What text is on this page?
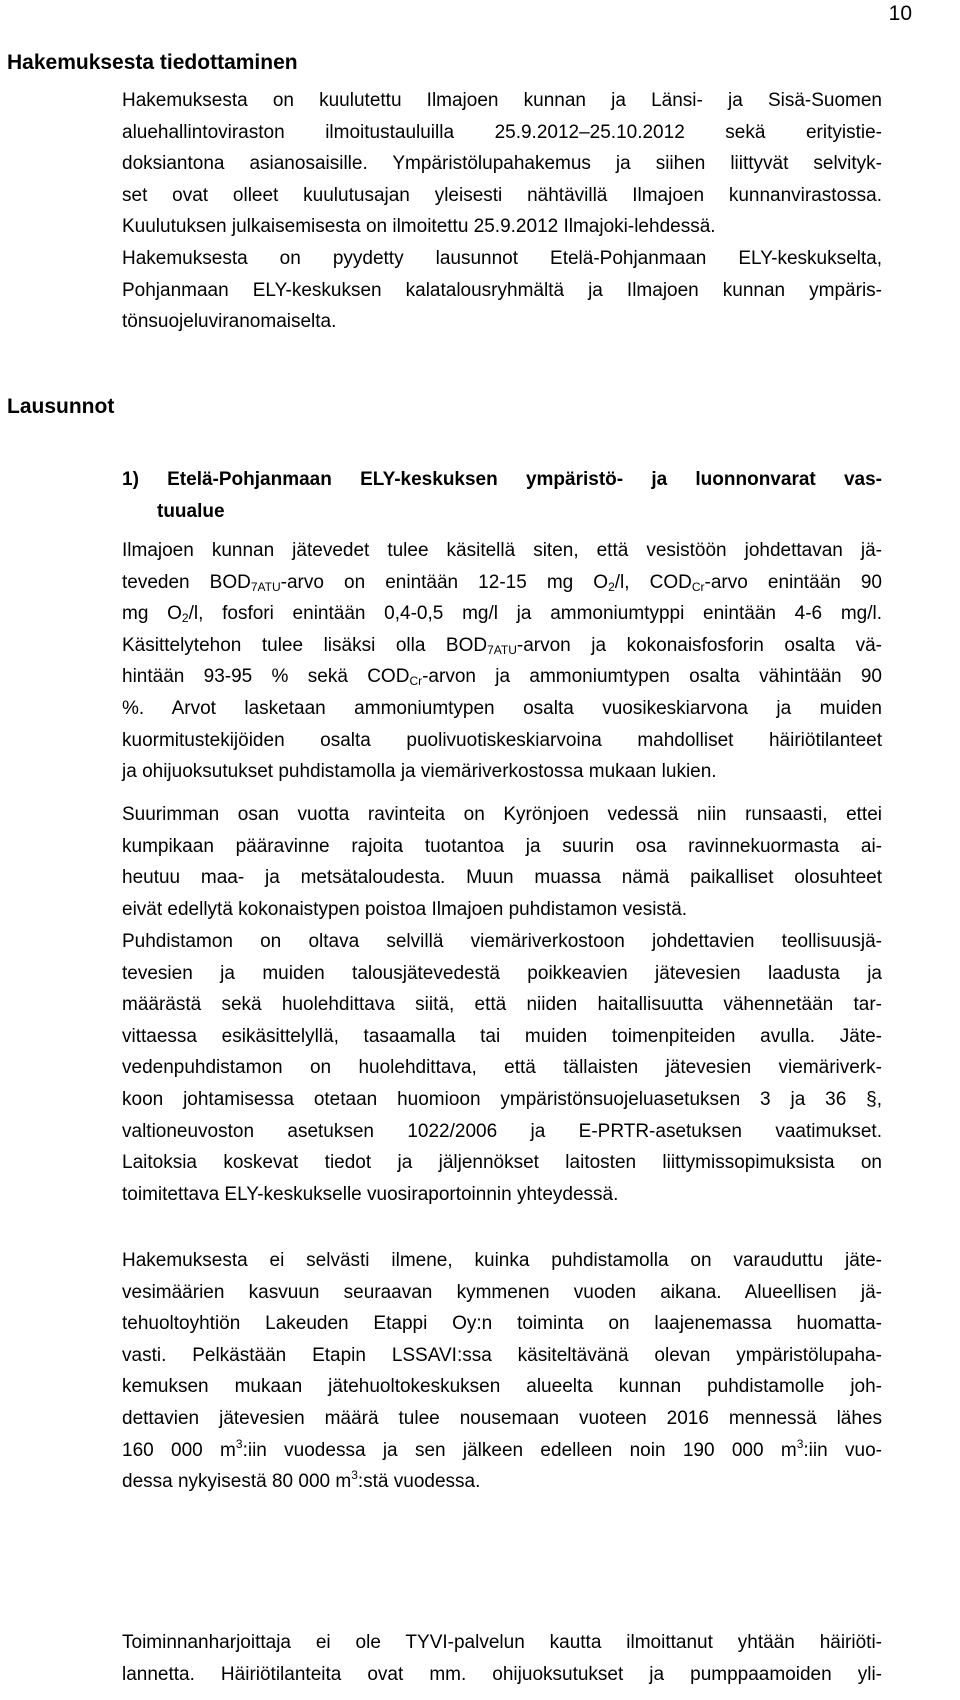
10
Hakemuksesta tiedottaminen
Hakemuksesta on kuulutettu Ilmajoen kunnan ja Länsi- ja Sisä-Suomen
aluehallintoviraston ilmoitustauluilla 25.9.2012–25.10.2012 sekä erityistie-
doksiantona asianosaisille. Ympäristölupahakemus ja siihen liittyvät selvityk-
set ovat olleet kuulutusajan yleisesti nähtävillä Ilmajoen kunnanvirastossa.
Kuulutuksen julkaisemisesta on ilmoitettu 25.9.2012 Ilmajoki-lehdessä.
Hakemuksesta on pyydetty lausunnot Etelä-Pohjanmaan ELY-keskukselta,
Pohjanmaan ELY-keskuksen kalatalousryhmältä ja Ilmajoen kunnan ympäris-
tönsuojeluviranomaiselta.
Lausunnot
1) Etelä-Pohjanmaan ELY-keskuksen ympäristö- ja luonnonvarat vas-
tuualue
Ilmajoen kunnan jätevedet tulee käsitellä siten, että vesistöön johdettavan jä-
teveden $BOD_{7ATU}$-arvo on enintään 12-15 mg $O_2/l$, $COD_{Cr}$-arvo enintään 90
mg $O_2/l$, fosfori enintään 0,4-0,5 mg/l ja ammoniumtyppi enintään 4-6 mg/l.
Käsittelytehon tulee lisäksi olla $BOD_{7ATU}$-arvon ja kokonaisfosforin osalta vä-
hintään 93-95 % sekä $COD_{Cr}$-arvon ja ammoniumtypen osalta vähintään 90
%. Arvot lasketaan ammoniumtypen osalta vuosikeskiarvona ja muiden
kuormitustekijöiden osalta puolivuotiskeskiarvoina mahdolliset häiriötilanteet
ja ohijuoksutukset puhdistamolla ja viemäriverkostossa mukaan lukien.
Suurimman osan vuotta ravinteita on Kyrönjoen vedessä niin runsaasti, ettei
kumpikaan pääravinne rajoita tuotantoa ja suurin osa ravinnekuormasta ai-
heutuu maa- ja metsätaloudesta. Muun muassa nämä paikalliset olosuhteet
eivät edellytä kokonaistypen poistoa Ilmajoen puhdistamon vesistä.
Puhdistamon on oltava selvillä viemäriverkostoon johdettavien teollisuusjä-
tevesien ja muiden talousjätevedestä poikkeavien jätevesien laadusta ja
määrästä sekä huolehdittava siitä, että niiden haitallisuutta vähennetään tar-
vittaessa esikäsittelyllä, tasaamalla tai muiden toimenpiteiden avulla. Jäte-
vedenpuhdistamon on huolehdittava, että tällaisten jätevesien viemäriverk-
koon johtamisessa otetaan huomioon ympäristönsuojeluasetuksen 3 ja 36 §,
valtioneuvoston asetuksen 1022/2006 ja E-PRTR-asetuksen vaatimukset.
Laitoksia koskevat tiedot ja jäljennökset laitosten liittymissopimuksista on
toimitettava ELY-keskukselle vuosiraportoinnin yhteydessä.
Hakemuksesta ei selvästi ilmene, kuinka puhdistamolla on varauduttu jäte-
vesimäärien kasvuun seuraavan kymmenen vuoden aikana. Alueellisen jä-
tehuoltoyhtiön Lakeuden Etappi Oy:n toiminta on laajenemassa huomatta-
vasti. Pelkästään Etapin LSSAVI:ssa käsiteltävänä olevan ympäristölupaha-
kemuksen mukaan jätehuoltokeskuksen alueelta kunnan puhdistamolle joh-
dettavien jätevesien määrä tulee nousemaan vuoteen 2016 mennessä lähes
160 000 $m^3:iin$ vuodessa ja sen jälkeen edelleen noin 190 000 $m^3:iin$ vuo-
dessa nykyisestä 80 000 $m^3:stä$ vuodessa.
Toiminnanharjoittaja ei ole TYVI-palvelun kautta ilmoittanut yhtään häiriöti-
lannetta. Häiriötilanteita ovat mm. ohijuoksutukset ja pumppaamoiden yli-
